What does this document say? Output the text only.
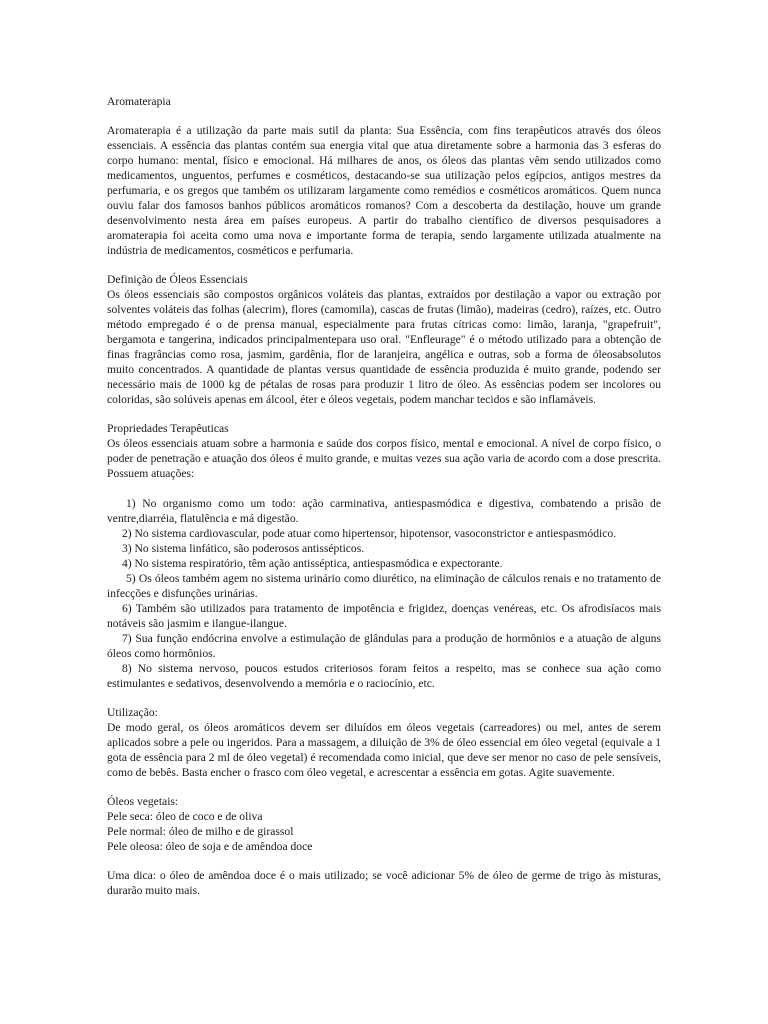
Aromaterapia

Aromaterapia é a utilização da parte mais sutil da planta: Sua Essência, com fins terapêuticos através dos óleos essenciais. A essência das plantas contém sua energia vital que atua diretamente sobre a harmonia das 3 esferas do corpo humano: mental, físico e emocional. Há milhares de anos, os óleos das plantas vêm sendo utilizados como medicamentos, unguentos, perfumes e cosméticos, destacando-se sua utilização pelos egípcios, antigos mestres da perfumaria, e os gregos que também os utilizaram largamente como remédios e cosméticos aromáticos. Quem nunca ouviu falar dos famosos banhos públicos aromáticos romanos? Com a descoberta da destilação, houve um grande desenvolvimento nesta área em países europeus. A partir do trabalho científico de diversos pesquisadores a aromaterapia foi aceita como uma nova e importante forma de terapia, sendo largamente utilizada atualmente na indústria de medicamentos, cosméticos e perfumaria.

Definição de Óleos Essenciais

Os óleos essenciais são compostos orgânicos voláteis das plantas, extraídos por destilação a vapor ou extração por solventes voláteis das folhas (alecrim), flores (camomila), cascas de frutas (limão), madeiras (cedro), raízes, etc. Outro método empregado é o de prensa manual, especialmente para frutas cítricas como: limão, laranja, "grapefruit", bergamota e tangerina, indicados principalmentepara uso oral. "Enfleurage" é o método utilizado para a obtenção de finas fragrâncias como rosa, jasmim, gardênia, flor de laranjeira, angélica e outras, sob a forma de óleosabsolutos muito concentrados. A quantidade de plantas versus quantidade de essência produzida é muito grande, podendo ser necessário mais de 1000 kg de pétalas de rosas para produzir 1 litro de óleo. As essências podem ser incolores ou coloridas, são solúveis apenas em álcool, éter e óleos vegetais, podem manchar tecidos e são inflamáveis.

Propriedades Terapêuticas

Os óleos essenciais atuam sobre a harmonia e saúde dos corpos físico, mental e emocional. A nível de corpo físico, o poder de penetração e atuação dos óleos é muito grande, e muitas vezes sua ação varia de acordo com a dose prescrita. Possuem atuações:

1) No organismo como um todo: ação carminativa, antiespasmódica e digestiva, combatendo a prisão de ventre,diarréia, flatulência e má digestão.

2) No sistema cardiovascular, pode atuar como hipertensor, hipotensor, vasoconstrictor e antiespasmódico.

3) No sistema linfático, são poderosos antissépticos.

4) No sistema respiratório, têm ação antisséptica, antiespasmódica e expectorante.

5) Os óleos também agem no sistema urinário como diurético, na eliminação de cálculos renais e no tratamento de infecções e disfunções urinárias.

6) Também são utilizados para tratamento de impotência e frigidez, doenças venéreas, etc. Os afrodisíacos mais notáveis são jasmim e ilangue-ilangue.

7) Sua função endócrina envolve a estimulação de glândulas para a produção de hormônios e a atuação de alguns óleos como hormônios.

8) No sistema nervoso, poucos estudos criteriosos foram feitos a respeito, mas se conhece sua ação como estimulantes e sedativos, desenvolvendo a memória e o raciocínio, etc.

Utilização:

De modo geral, os óleos aromáticos devem ser diluídos em óleos vegetais (carreadores) ou mel, antes de serem aplicados sobre a pele ou ingeridos. Para a massagem, a diluição de 3% de óleo essencial em óleo vegetal (equivale a 1 gota de essência para 2 ml de óleo vegetal) é recomendada como inicial, que deve ser menor no caso de pele sensíveis, como de bebês. Basta encher o frasco com óleo vegetal, e acrescentar a essência em gotas. Agite suavemente.

Óleos vegetais:

Pele seca: óleo de coco e de oliva

Pele normal: óleo de milho e de girassol

Pele oleosa: óleo de soja e de amêndoa doce

Uma dica: o óleo de amêndoa doce é o mais utilizado; se você adicionar 5% de óleo de germe de trigo às misturas, durarão muito mais.
